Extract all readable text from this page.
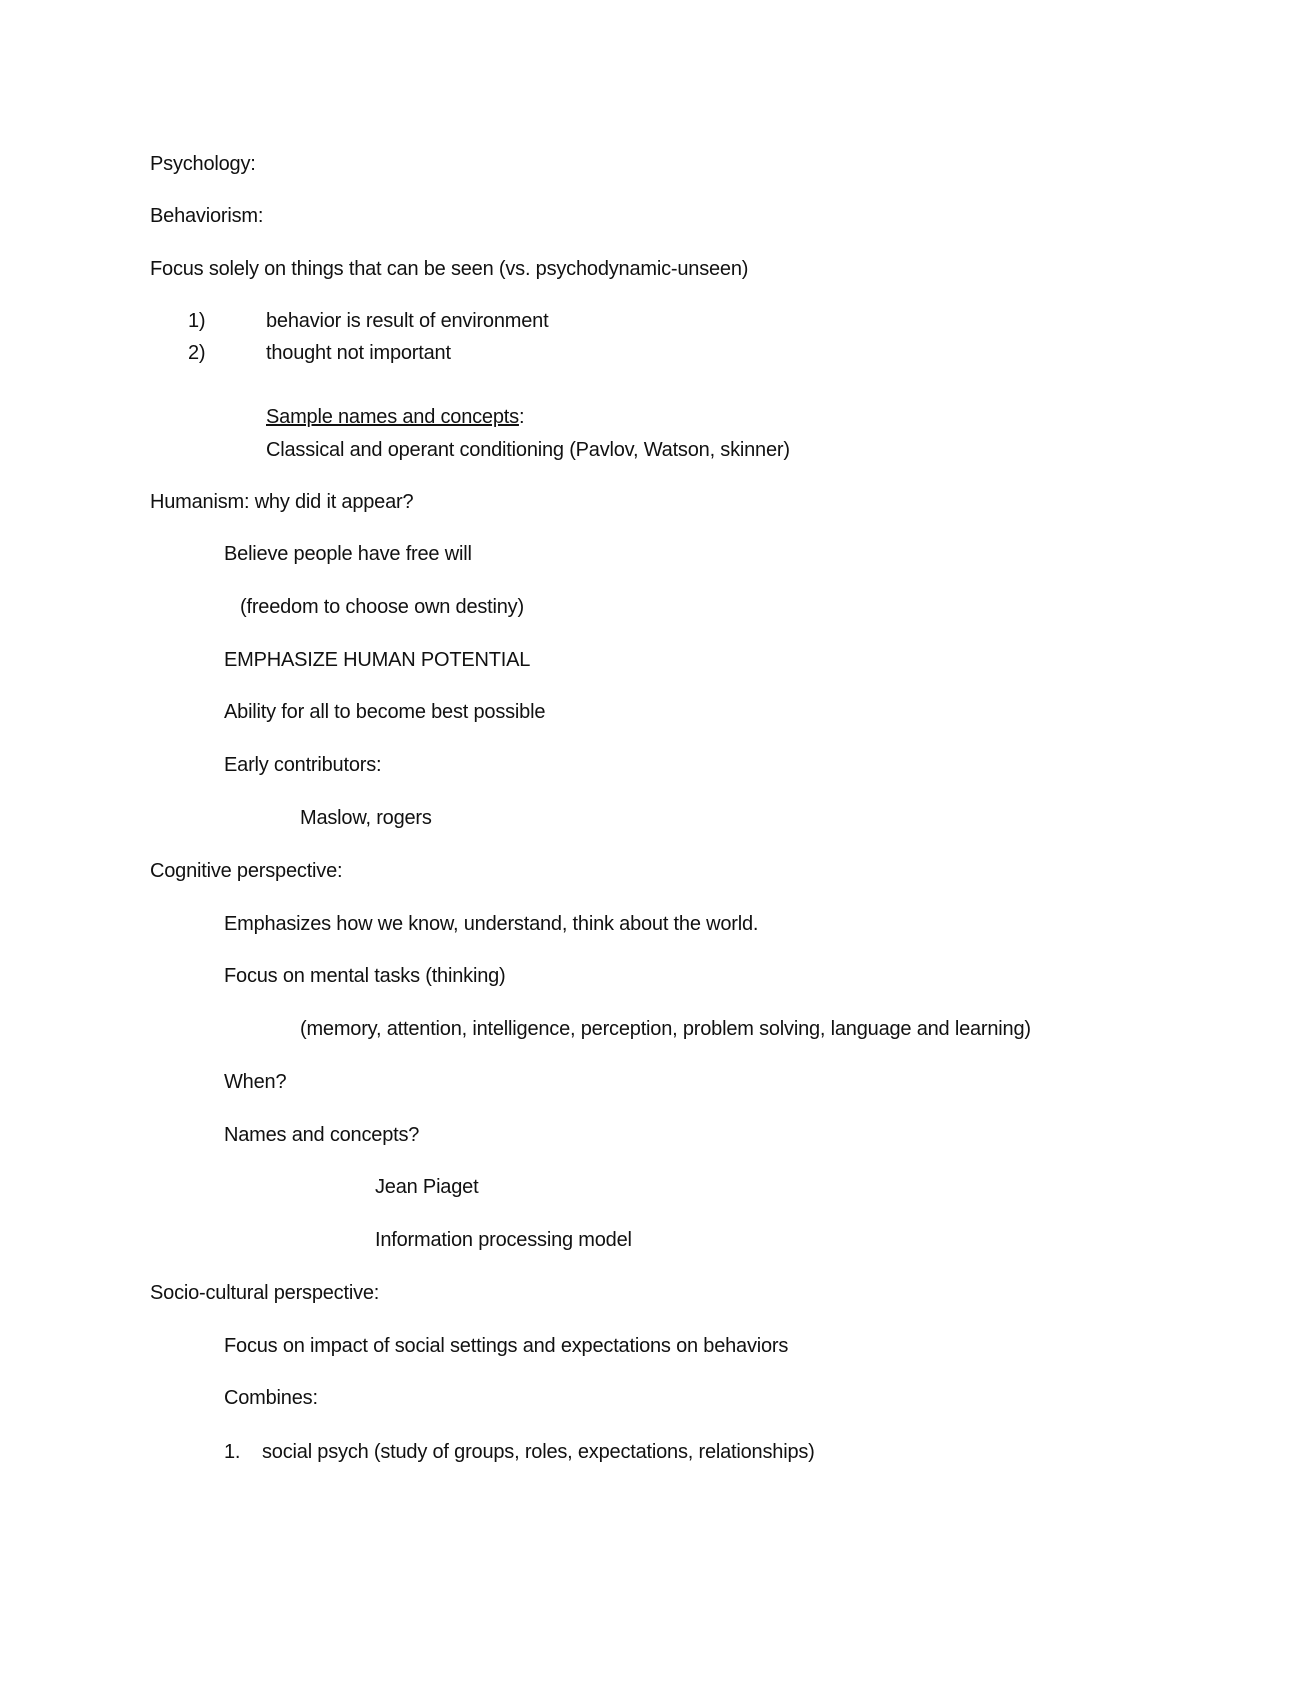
Psychology:
Behaviorism:
Focus solely on things that can be seen (vs. psychodynamic-unseen)
1)	behavior is result of environment
2)	thought not important
Sample names and concepts:
Classical and operant conditioning (Pavlov, Watson, skinner)
Humanism: why did it appear?
Believe people have free will
(freedom to choose own destiny)
EMPHASIZE HUMAN POTENTIAL
Ability for all to become best possible
Early contributors:
Maslow, rogers
Cognitive perspective:
Emphasizes how we know, understand, think about the world.
Focus on mental tasks (thinking)
(memory, attention, intelligence, perception, problem solving, language and learning)
When?
Names and concepts?
Jean Piaget
Information processing model
Socio-cultural perspective:
Focus on impact of social settings and expectations on behaviors
Combines:
1. social psych (study of groups, roles, expectations, relationships)
